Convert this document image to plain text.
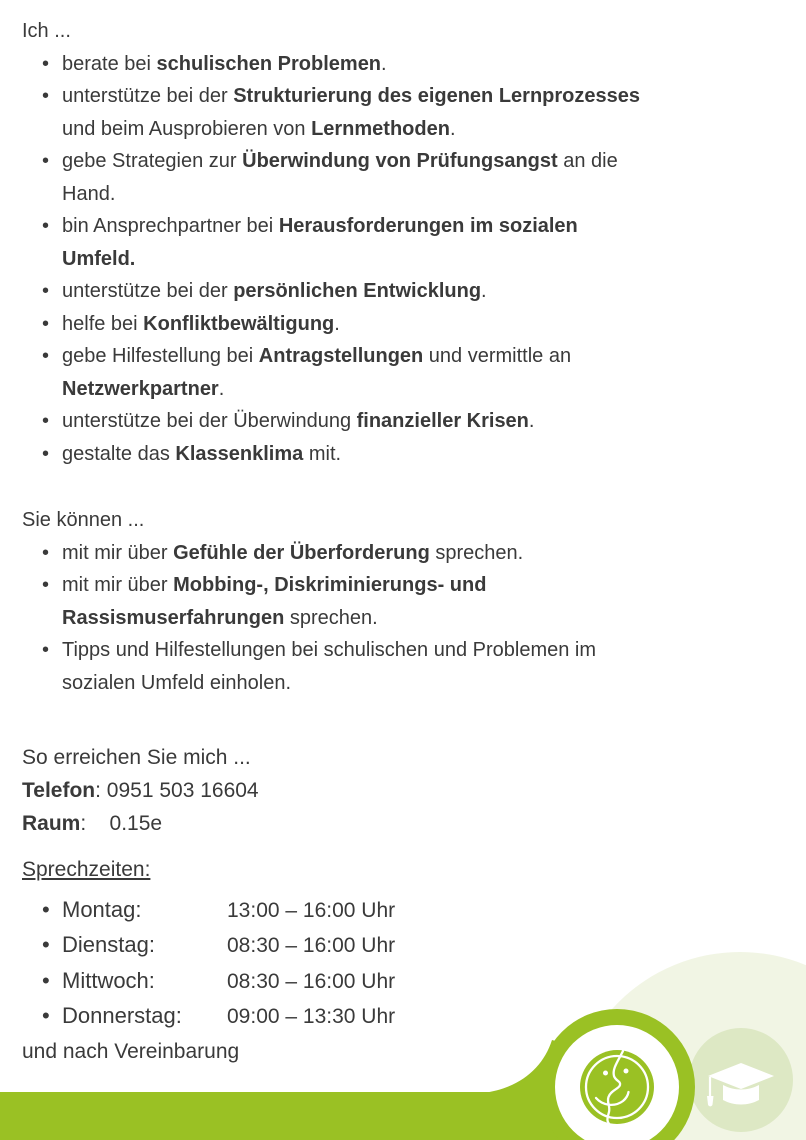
Ich ...
• berate bei schulischen Problemen.
• unterstütze bei der Strukturierung des eigenen Lernprozesses
und beim Ausprobieren von Lernmethoden.
• gebe Strategien zur Überwindung von Prüfungsangst an die
Hand.
• bin Ansprechpartner bei Herausforderungen im sozialen
Umfeld.
• unterstütze bei der persönlichen Entwicklung.
• helfe bei Konfliktbewältigung.
• gebe Hilfestellung bei Antragstellungen und vermittle an
Netzwerkpartner.
• unterstütze bei der Überwindung finanzieller Krisen.
• gestalte das Klassenklima mit.
Sie können ...
• mit mir über Gefühle der Überforderung sprechen.
• mit mir über Mobbing-, Diskriminierungs- und
Rassismuserfahrungen sprechen.
• Tipps und Hilfestellungen bei schulischen und Problemen im
sozialen Umfeld einholen.
So erreichen Sie mich ...
Telefon: 0951 503 16604
Raum:    0.15e
Sprechzeiten:
• Montag:	13:00 – 16:00 Uhr
• Dienstag:	08:30 – 16:00 Uhr
• Mittwoch:	08:30 – 16:00 Uhr
• Donnerstag:	09:00 – 13:30 Uhr
und nach Vereinbarung
